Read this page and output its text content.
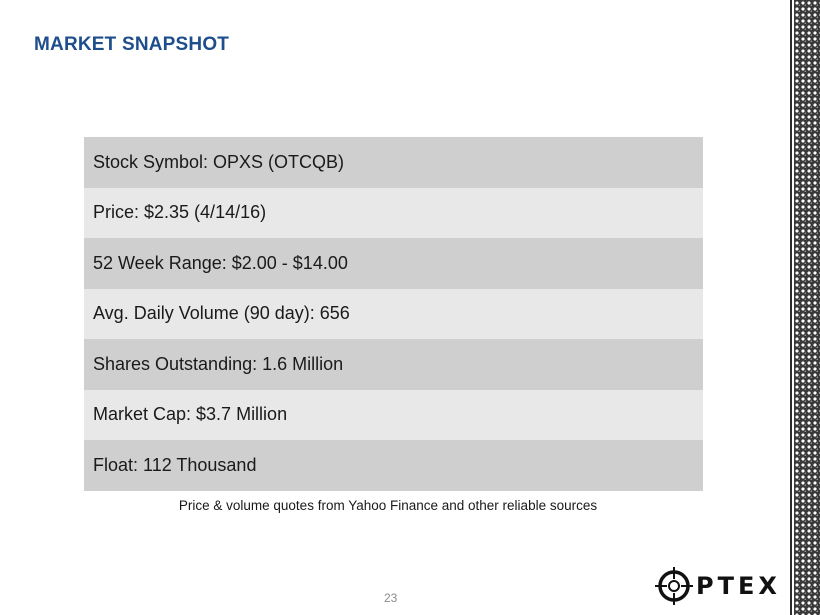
MARKET SNAPSHOT
Stock Symbol: OPXS (OTCQB)
Price: $2.35 (4/14/16)
52 Week Range: $2.00 - $14.00
Avg. Daily Volume (90 day): 656
Shares Outstanding: 1.6 Million
Market Cap: $3.7 Million
Float: 112 Thousand
Price & volume quotes from Yahoo Finance and other reliable sources
23	PTEX
